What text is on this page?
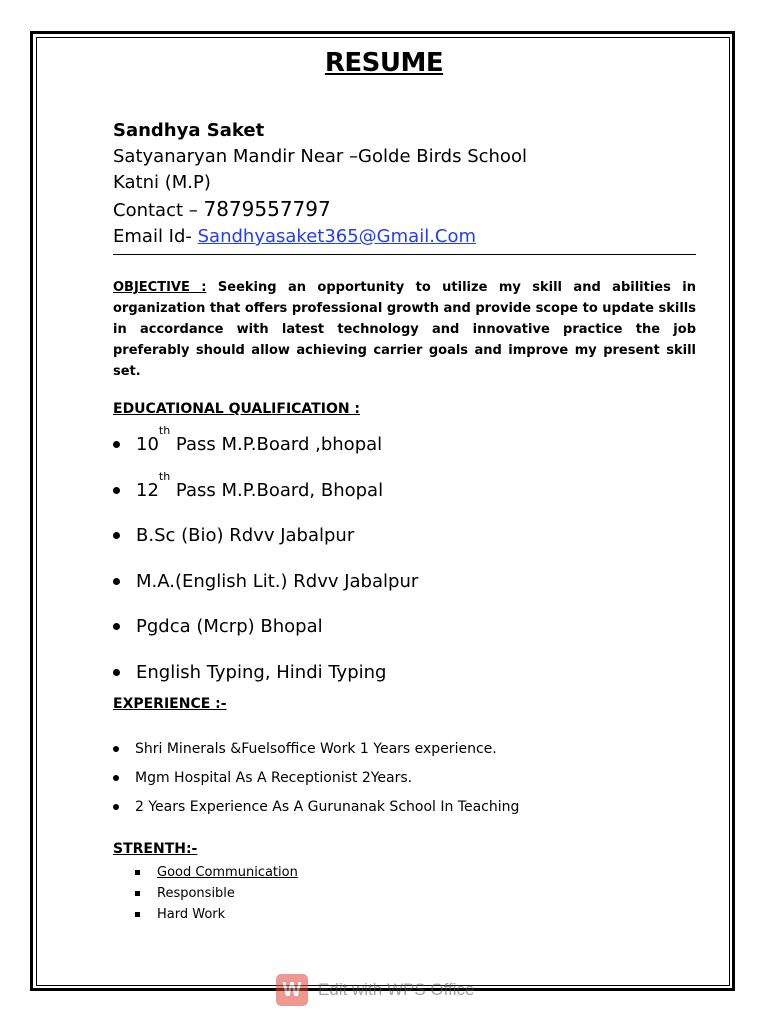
RESUME
Sandhya Saket
Satyanaryan Mandir Near –Golde Birds School
Katni (M.P)
Contact – 7879557797
Email Id- Sandhyasaket365@Gmail.Com
OBJECTIVE : Seeking an opportunity to utilize my skill and abilities in organization that offers professional growth and provide scope to update skills in accordance with latest technology and innovative practice the job preferably should allow achieving carrier goals and improve my present skill set.
EDUCATIONAL QUALIFICATION :
10th Pass M.P.Board ,bhopal
12th Pass M.P.Board, Bhopal
B.Sc (Bio) Rdvv Jabalpur
M.A.(English Lit.) Rdvv Jabalpur
Pgdca (Mcrp) Bhopal
English Typing, Hindi Typing
EXPERIENCE :-
Shri Minerals &Fuelsoffice Work 1 Years experience.
Mgm Hospital As A Receptionist 2Years.
2 Years Experience As A Gurunanak School In Teaching
STRENTH:-
Good Communication
Responsible
Hard Work
W Edit with WPS Office
